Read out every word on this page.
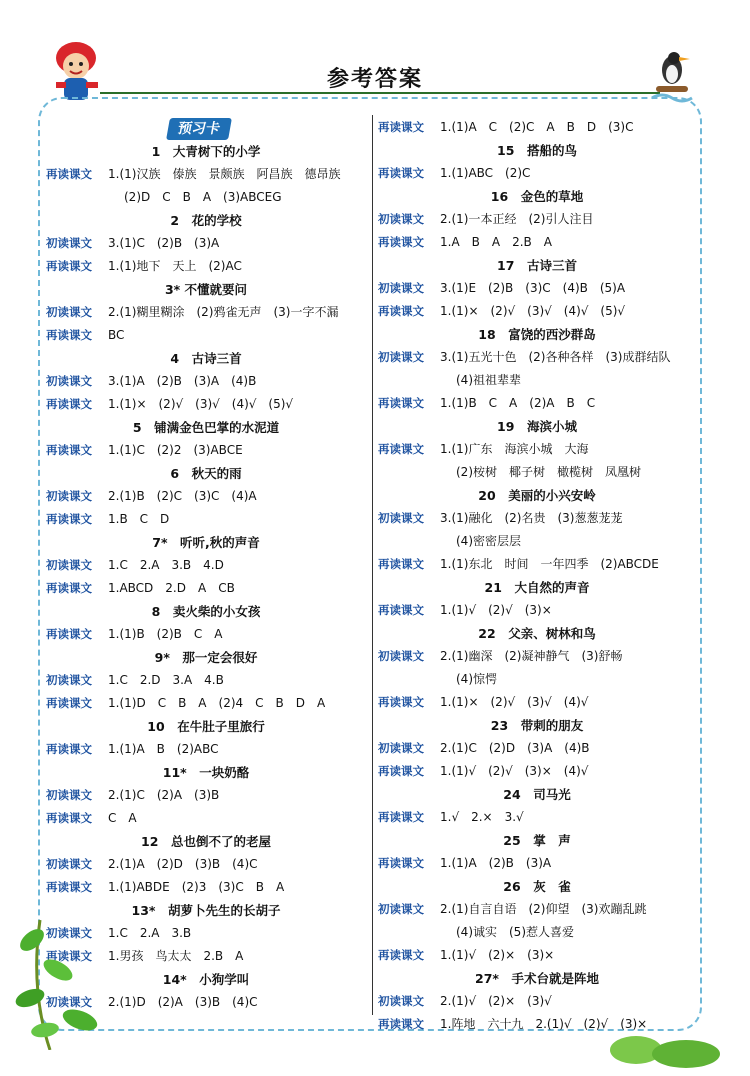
参考答案
预习卡
1　大青树下的小学
再读课文 1.(1)汉族　傣族　景颇族　阿昌族　德昂族
(2)D　C　B　A　(3)ABCEG
2　花的学校
初读课文 3.(1)C　(2)B　(3)A
再读课文 1.(1)地下　天上　(2)AC
3* 不懂就要问
初读课文 2.(1)糊里糊涂　(2)鸦雀无声　(3)一字不漏
再读课文 BC
4　古诗三首
初读课文 3.(1)A　(2)B　(3)A　(4)B
再读课文 1.(1)×　(2)√　(3)√　(4)√　(5)√
5　铺满金色巴掌的水泥道
再读课文 1.(1)C　(2)2　(3)ABCE
6　秋天的雨
初读课文 2.(1)B　(2)C　(3)C　(4)A
再读课文 1.B　C　D
7*　听听,秋的声音
初读课文 1.C　2.A　3.B　4.D
再读课文 1.ABCD　2.D　A　CB
8　卖火柴的小女孩
再读课文 1.(1)B　(2)B　C　A
9*　那一定会很好
初读课文 1.C　2.D　3.A　4.B
再读课文 1.(1)D　C　B　A　(2)4　C　B　D　A
10　在牛肚子里旅行
再读课文 1.(1)A　B　(2)ABC
11*　一块奶酪
初读课文 2.(1)C　(2)A　(3)B
再读课文 C　A
12　总也倒不了的老屋
初读课文 2.(1)A　(2)D　(3)B　(4)C
再读课文 1.(1)ABDE　(2)3　(3)C　B　A
13*　胡萝卜先生的长胡子
初读课文 1.C　2.A　3.B
再读课文 1.男孩　鸟太太　2.B　A
14*　小狗学叫
初读课文 2.(1)D　(2)A　(3)B　(4)C
再读课文 1.(1)A　C　(2)C　A　B　D　(3)C
15　搭船的鸟
再读课文 1.(1)ABC　(2)C
16　金色的草地
初读课文 2.(1)一本正经　(2)引人注目
再读课文 1.A　B　A　2.B　A
17　古诗三首
初读课文 3.(1)E　(2)B　(3)C　(4)B　(5)A
再读课文 1.(1)×　(2)√　(3)√　(4)√　(5)√
18　富饶的西沙群岛
初读课文 3.(1)五光十色　(2)各种各样　(3)成群结队
(4)祖祖辈辈
再读课文 1.(1)B　C　A　(2)A　B　C
19　海滨小城
再读课文 1.(1)广东　海滨小城　大海
(2)桉树　椰子树　橄榄树　凤凰树
20　美丽的小兴安岭
初读课文 3.(1)融化　(2)名贵　(3)葱葱茏茏
(4)密密层层
再读课文 1.(1)东北　时间　一年四季　(2)ABCDE
21　大自然的声音
再读课文 1.(1)√　(2)√　(3)×
22　父亲、树林和鸟
初读课文 2.(1)幽深　(2)凝神静气　(3)舒畅
(4)惊愕
再读课文 1.(1)×　(2)√　(3)√　(4)√
23　带刺的朋友
初读课文 2.(1)C　(2)D　(3)A　(4)B
再读课文 1.(1)√　(2)√　(3)×　(4)√
24　司马光
再读课文 1.√　2.×　3.√
25　掌　声
再读课文 1.(1)A　(2)B　(3)A
26　灰　雀
初读课文 2.(1)自言自语　(2)仰望　(3)欢蹦乱跳
(4)诚实　(5)惹人喜爱
再读课文 1.(1)√　(2)×　(3)×
27*　手术台就是阵地
初读课文 2.(1)√　(2)×　(3)√
再读课文 1.阵地　六十九　2.(1)√　(2)√　(3)×
